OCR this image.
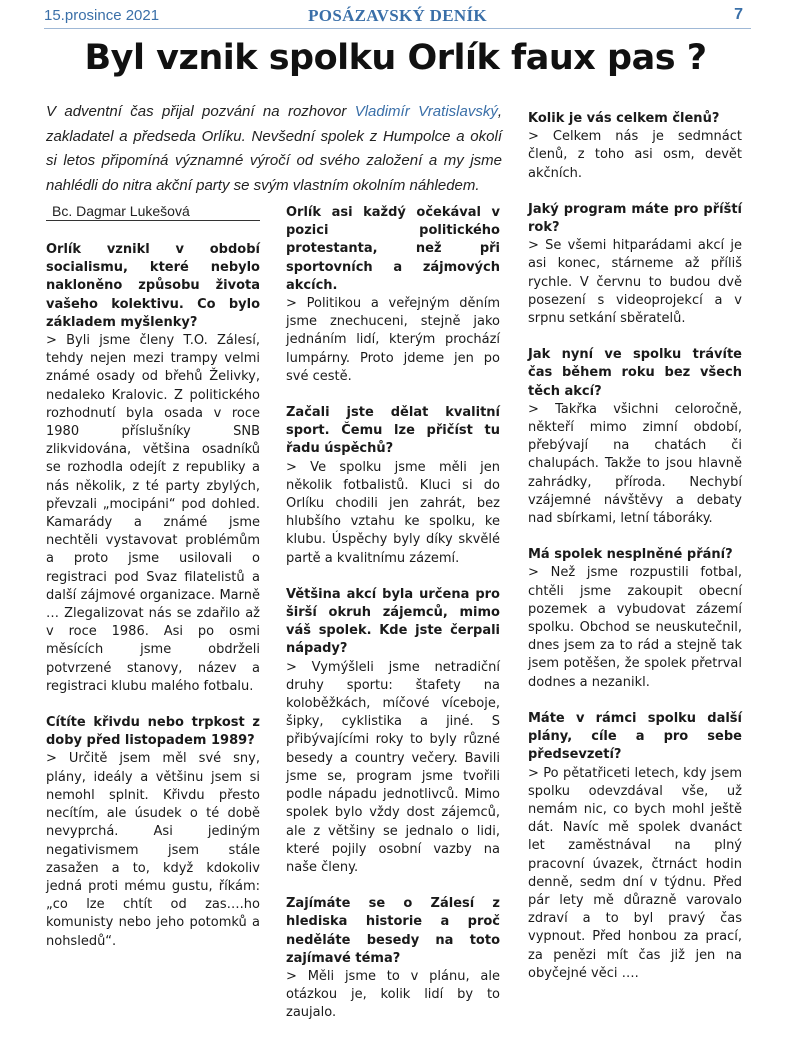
15.prosince 2021	POSÁZAVSKÝ DENÍK	7
Byl vznik spolku Orlík faux pas ?
V adventní čas přijal pozvání na rozhovor Vladimír Vratislavský, zakladatel a předseda Orlíku. Nevšední spolek z Humpolce a okolí si letos připomíná významné výročí od svého založení a my jsme nahlédli do nitra akční party se svým vlastním okolním náhledem.
Bc. Dagmar Lukešová

Orlík vznikl v období socialismu, které nebylo nakloněno způsobu života vašeho kolektivu. Co bylo základem myšlenky?

> Byli jsme členy T.O. Zálesí, tehdy nejen mezi trampy velmi známé osady od břehů Želivky, nedaleko Kralovic. Z politického rozhodnutí byla osada v roce 1980 příslušníky SNB zlikvidována, většina osadníků se rozhodla odejít z republiky a nás několik, z té party zbylých, převzali „mocipáni“ pod dohled. Kamarády a známé jsme nechtěli vystavovat problémům a proto jsme usilovali o registraci pod Svaz filatelistů a další zájmové organizace. Marně … Zlegalizovat nás se zdařilo až v roce 1986. Asi po osmi měsících jsme obdrželi potvrzené stanovy, název a registraci klubu malého fotbalu.

Cítíte křivdu nebo trpkost z doby před listopadem 1989?

> Určitě jsem měl své sny, plány, ideály a většinu jsem si nemohl splnit. Křivdu přesto necítím, ale úsudek o té době nevyprchá. Asi jediným negativismem jsem stále zasažen a to, když kdokoliv jedná proti mému gustu, říkám: „co lze chtít od zas….ho komunisty nebo jeho potomků a nohsledů“.

Orlík asi každý očekával v pozici politického protestanta, než při sportovních a zájmových akcích.

> Politikou a veřejným děním jsme znechuceni, stejně jako jednáním lidí, kterým prochází lumpárny. Proto jdeme jen po své cestě.

Začali jste dělat kvalitní sport. Čemu lze přičíst tu řadu úspěchů?

> Ve spolku jsme měli jen několik fotbalistů. Kluci si do Orlíku chodili jen zahrát, bez hlubšího vztahu ke spolku, ke klubu. Úspěchy byly díky skvělé partě a kvalitnímu zázemí.

Většina akcí byla určena pro širší okruh zájemců, mimo váš spolek. Kde jste čerpali nápady?

> Vymýšleli jsme netradiční druhy sportu: štafety na koloběžkách, míčové víceboje, šipky, cyklistika a jiné. S přibývajícími roky to byly různé besedy a country večery. Bavili jsme se, program jsme tvořili podle nápadu jednotlivců. Mimo spolek bylo vždy dost zájemců, ale z většiny se jednalo o lidi, které pojily osobní vazby na naše členy.

Zajímáte se o Zálesí z hlediska historie a proč neděláte besedy na toto zajímavé téma?

> Měli jsme to v plánu, ale otázkou je, kolik lidí by to zaujalo.

Kolik je vás celkem členů?

> Celkem nás je sedmnáct členů, z toho asi osm, devět akčních.

Jaký program máte pro příští rok?

> Se všemi hitparádami akcí je asi konec, stárneme až příliš rychle. V červnu to budou dvě posezení s videoprojekcí a v srpnu setkání sběratelů.

Jak nyní ve spolku trávíte čas během roku bez všech těch akcí?

> Takřka všichni celoročně, někteří mimo zimní období, přebývají na chatách či chalupách. Takže to jsou hlavně zahrádky, příroda. Nechybí vzájemné návštěvy a debaty nad sbírkami, letní táboráky.

Má spolek nesplněné přání?

> Než jsme rozpustili fotbal, chtěli jsme zakoupit obecní pozemek a vybudovat zázemí spolku. Obchod se neuskutečnil, dnes jsem za to rád a stejně tak jsem potěšen, že spolek přetrval dodnes a nezanikl.

Máte v rámci spolku další plány, cíle a pro sebe předsevzetí?

> Po pětatřiceti letech, kdy jsem spolku odevzdával vše, už nemám nic, co bych mohl ještě dát. Navíc mě spolek dvanáct let zaměstnával na plný pracovní úvazek, čtrnáct hodin denně, sedm dní v týdnu. Před pár lety mě důrazně varovalo zdraví a to byl pravý čas vypnout. Před honbou za prací, za penězi mít čas již jen na obyčejné věci ….
